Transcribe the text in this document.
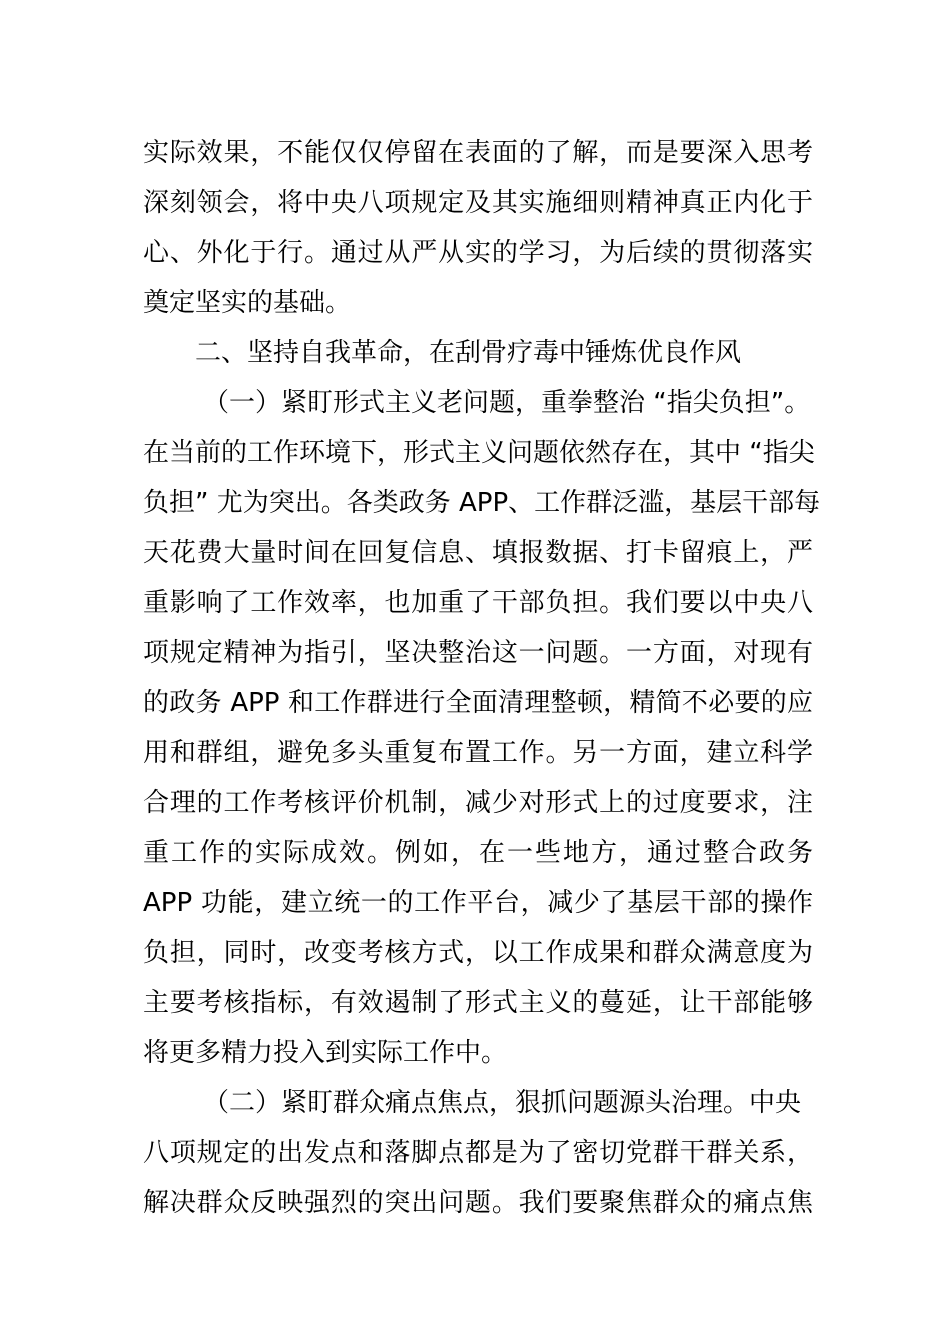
实际效果，不能仅仅停留在表面的了解，而是要深入思考
深刻领会，将中央八项规定及其实施细则精神真正内化于
心、外化于行。通过从严从实的学习，为后续的贯彻落实
奠定坚实的基础。
二、坚持自我革命，在刮骨疗毒中锤炼优良作风
（一）紧盯形式主义老问题，重拳整治 “指尖负担”。
在当前的工作环境下，形式主义问题依然存在，其中 “指尖
负担” 尤为突出。各类政务 APP、工作群泛滥，基层干部每
天花费大量时间在回复信息、填报数据、打卡留痕上，严
重影响了工作效率，也加重了干部负担。我们要以中央八
项规定精神为指引，坚决整治这一问题。一方面，对现有
的政务 APP 和工作群进行全面清理整顿，精简不必要的应
用和群组，避免多头重复布置工作。另一方面，建立科学
合理的工作考核评价机制，减少对形式上的过度要求，注
重工作的实际成效。例如，在一些地方，通过整合政务
APP 功能，建立统一的工作平台，减少了基层干部的操作
负担，同时，改变考核方式，以工作成果和群众满意度为
主要考核指标，有效遏制了形式主义的蔓延，让干部能够
将更多精力投入到实际工作中。
（二）紧盯群众痛点焦点，狠抓问题源头治理。中央
八项规定的出发点和落脚点都是为了密切党群干群关系，
解决群众反映强烈的突出问题。我们要聚焦群众的痛点焦
